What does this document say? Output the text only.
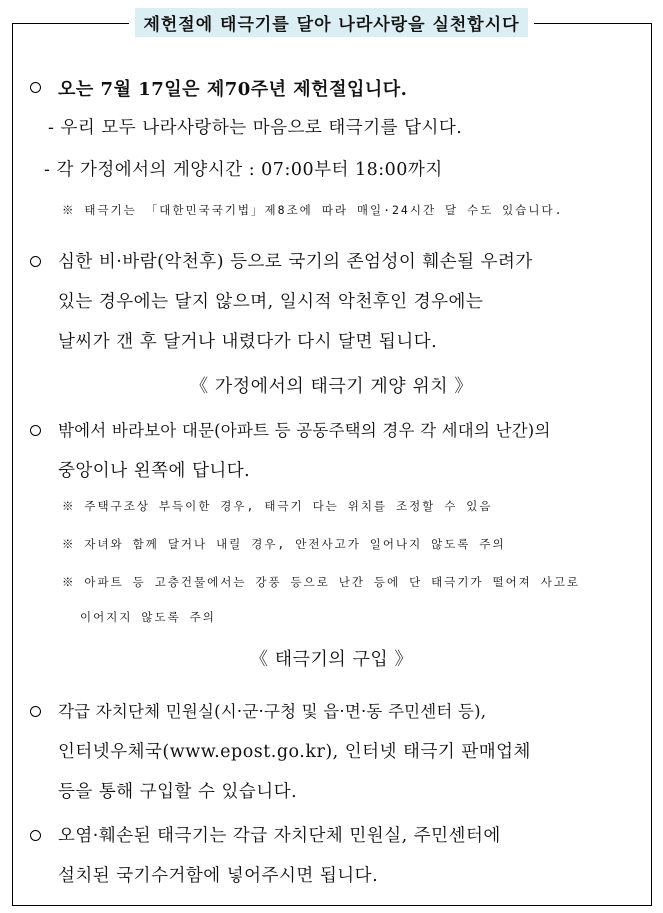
제헌절에 태극기를 달아 나라사랑을 실천합시다
오는 7월 17일은 제70주년 제헌절입니다.
- 우리 모두 나라사랑하는 마음으로 태극기를 답시다.
- 각 가정에서의 게양시간 : 07:00부터 18:00까지
※ 태극기는 「대한민국국기법」제8조에 따라 매일·24시간 달 수도 있습니다.
심한 비·바람(악천후) 등으로 국기의 존엄성이 훼손될 우려가
있는 경우에는 달지 않으며, 일시적 악천후인 경우에는
날씨가 갠 후 달거나 내렸다가 다시 달면 됩니다.
《 가정에서의 태극기 게양 위치 》
밖에서 바라보아 대문(아파트 등 공동주택의 경우 각 세대의 난간)의
중앙이나 왼쪽에 답니다.
※ 주택구조상 부득이한 경우, 태극기 다는 위치를 조정할 수 있음
※ 자녀와 함께 달거나 내릴 경우, 안전사고가 일어나지 않도록 주의
※ 아파트 등 고층건물에서는 강풍 등으로 난간 등에 단 태극기가 떨어져 사고로
이어지지 않도록 주의
《 태극기의 구입 》
각급 자치단체 민원실(시·군·구청 및 읍·면·동 주민센터 등),
인터넷우체국(www.epost.go.kr), 인터넷 태극기 판매업체
등을 통해 구입할 수 있습니다.
오염·훼손된 태극기는 각급 자치단체 민원실, 주민센터에
설치된 국기수거함에 넣어주시면 됩니다.
